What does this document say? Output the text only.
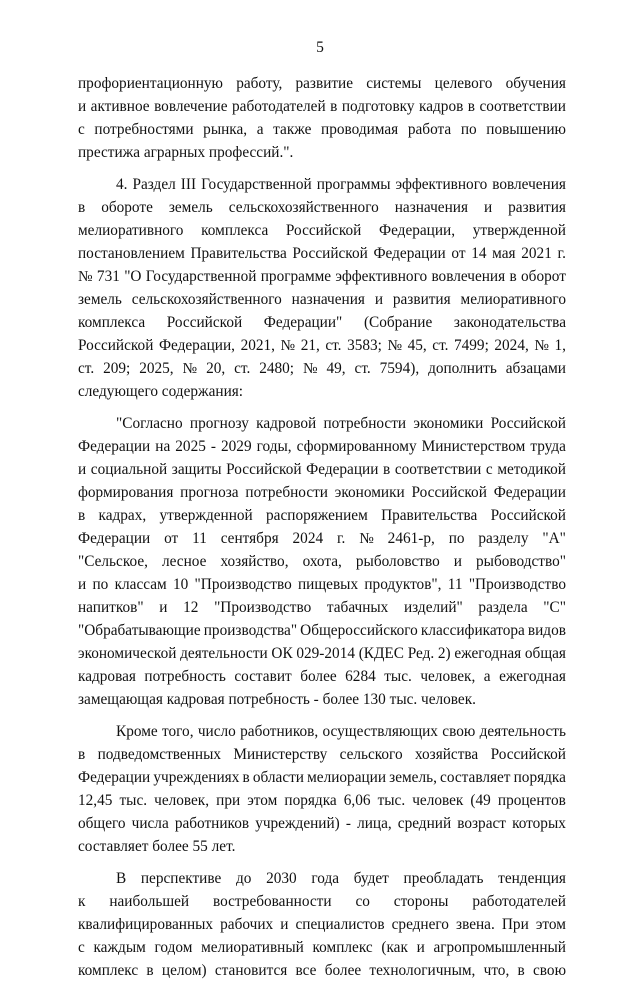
5
профориентационную работу, развитие системы целевого обучения
и активное вовлечение работодателей в подготовку кадров в соответствии
с потребностями рынка, а также проводимая работа по повышению
престижа аграрных профессий.".
4. Раздел III Государственной программы эффективного вовлечения
в обороте земель сельскохозяйственного назначения и развития
мелиоративного комплекса Российской Федерации, утвержденной
постановлением Правительства Российской Федерации от 14 мая 2021 г.
№ 731 "О Государственной программе эффективного вовлечения в оборот
земель сельскохозяйственного назначения и развития мелиоративного
комплекса Российской Федерации" (Собрание законодательства
Российской Федерации, 2021, № 21, ст. 3583; № 45, ст. 7499; 2024, № 1,
ст. 209; 2025, № 20, ст. 2480; № 49, ст. 7594), дополнить абзацами
следующего содержания:
"Согласно прогнозу кадровой потребности экономики Российской
Федерации на 2025 - 2029 годы, сформированному Министерством труда
и социальной защиты Российской Федерации в соответствии с методикой
формирования прогноза потребности экономики Российской Федерации
в кадрах, утвержденной распоряжением Правительства Российской
Федерации от 11 сентября 2024 г. № 2461-р, по разделу "А"
"Сельское, лесное хозяйство, охота, рыболовство и рыбоводство"
и по классам 10 "Производство пищевых продуктов", 11 "Производство
напитков" и 12 "Производство табачных изделий" раздела "С"
"Обрабатывающие производства" Общероссийского классификатора видов
экономической деятельности ОК 029-2014 (КДЕС Ред. 2) ежегодная общая
кадровая потребность составит более 6284 тыс. человек, а ежегодная
замещающая кадровая потребность - более 130 тыс. человек.
Кроме того, число работников, осуществляющих свою деятельность
в подведомственных Министерству сельского хозяйства Российской
Федерации учреждениях в области мелиорации земель, составляет порядка
12,45 тыс. человек, при этом порядка 6,06 тыс. человек (49 процентов
общего числа работников учреждений) - лица, средний возраст которых
составляет более 55 лет.
В перспективе до 2030 года будет преобладать тенденция
к наибольшей востребованности со стороны работодателей
квалифицированных рабочих и специалистов среднего звена. При этом
с каждым годом мелиоративный комплекс (как и агропромышленный
комплекс в целом) становится все более технологичным, что, в свою
